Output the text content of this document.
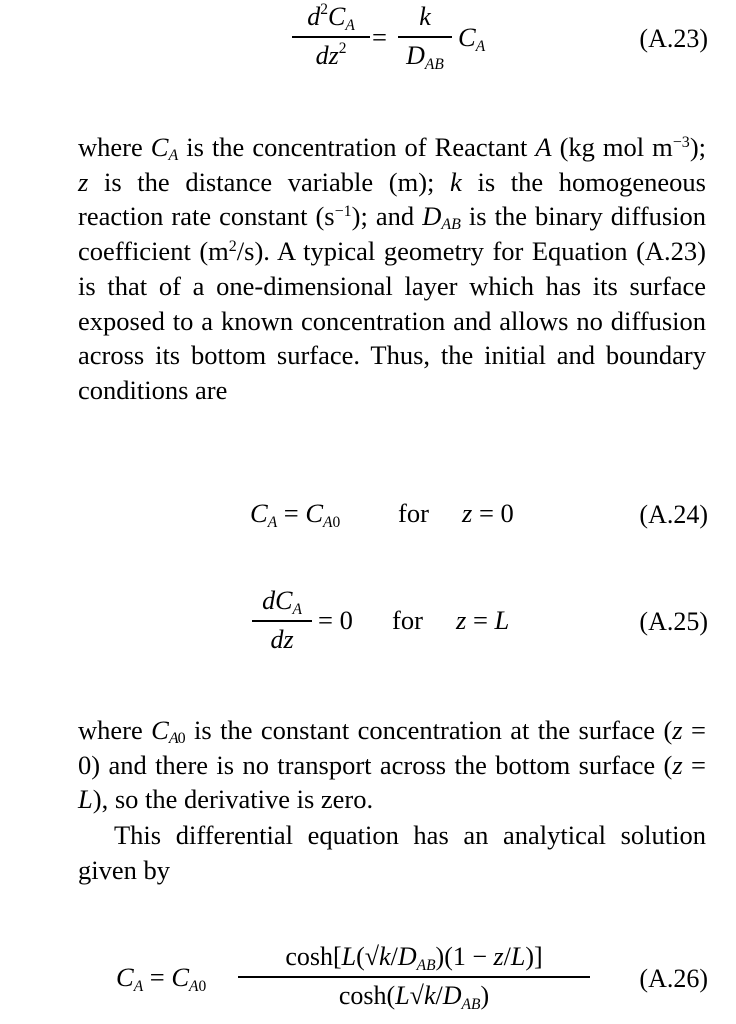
$d^2CA$
$dz^2$ =
k
DAB
CA	(A.23)
where $C_A$ is the concentration of Reactant A (kg mol $m^{-3}$); z is the distance variable (m); k is the homogeneous reaction rate constant $(s^{-1})$; and $D_{AB}$ is the binary diffusion coefficient $(m^2/s)$. A typical geometry for Equation (A.23) is that of a one-dimensional layer which has its surface exposed to a known concentration and allows no diffusion across its bottom surface. Thus, the initial and boundary conditions are
CA = CA0 for z = 0	(A.24)
dCA
dz
= 0 for z = L	(A.25)
where $C_{A0}$ is the constant concentration at the surface (z = 0) and there is no transport across the bottom surface (z = L), so the derivative is zero.
This differential equation has an analytical solution given by
CA = CA0
cosh[L(√k/DAB)(1 − z/L)]
cosh(L√k/DAB)
(A.26)
